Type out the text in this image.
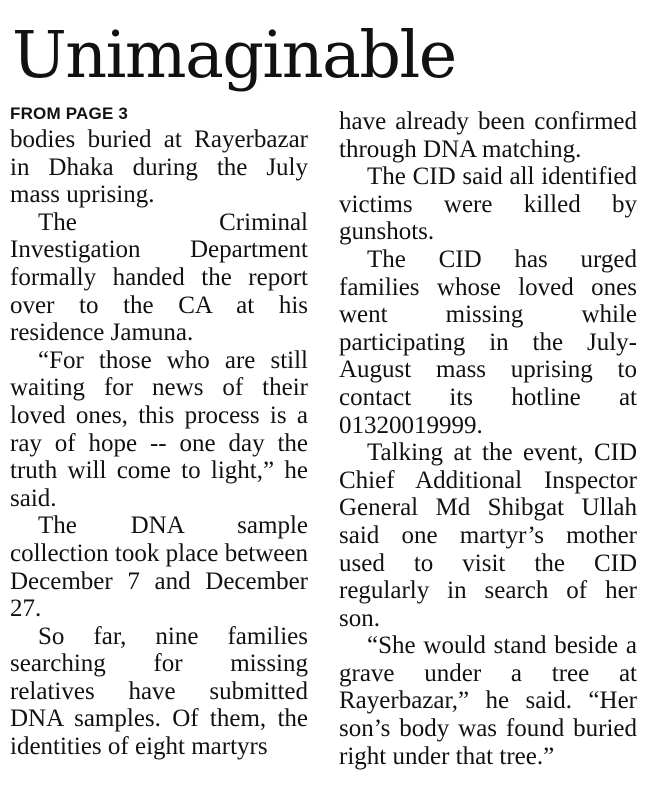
Unimaginable
FROM PAGE 3

bodies buried at Rayerbazar in Dhaka during the July mass uprising.

The Criminal Investigation Department formally handed the report over to the CA at his residence Jamuna.

“For those who are still waiting for news of their loved ones, this process is a ray of hope -- one day the truth will come to light,” he said.

The DNA sample collection took place between December 7 and December 27.

So far, nine families searching for missing relatives have submitted DNA samples. Of them, the identities of eight martyrs

have already been confirmed through DNA matching.

The CID said all identified victims were killed by gunshots.

The CID has urged families whose loved ones went missing while participating in the July-August mass uprising to contact its hotline at 01320019999.

Talking at the event, CID Chief Additional Inspector General Md Shibgat Ullah said one martyr’s mother used to visit the CID regularly in search of her son.

“She would stand beside a grave under a tree at Rayerbazar,” he said. “Her son’s body was found buried right under that tree.”
